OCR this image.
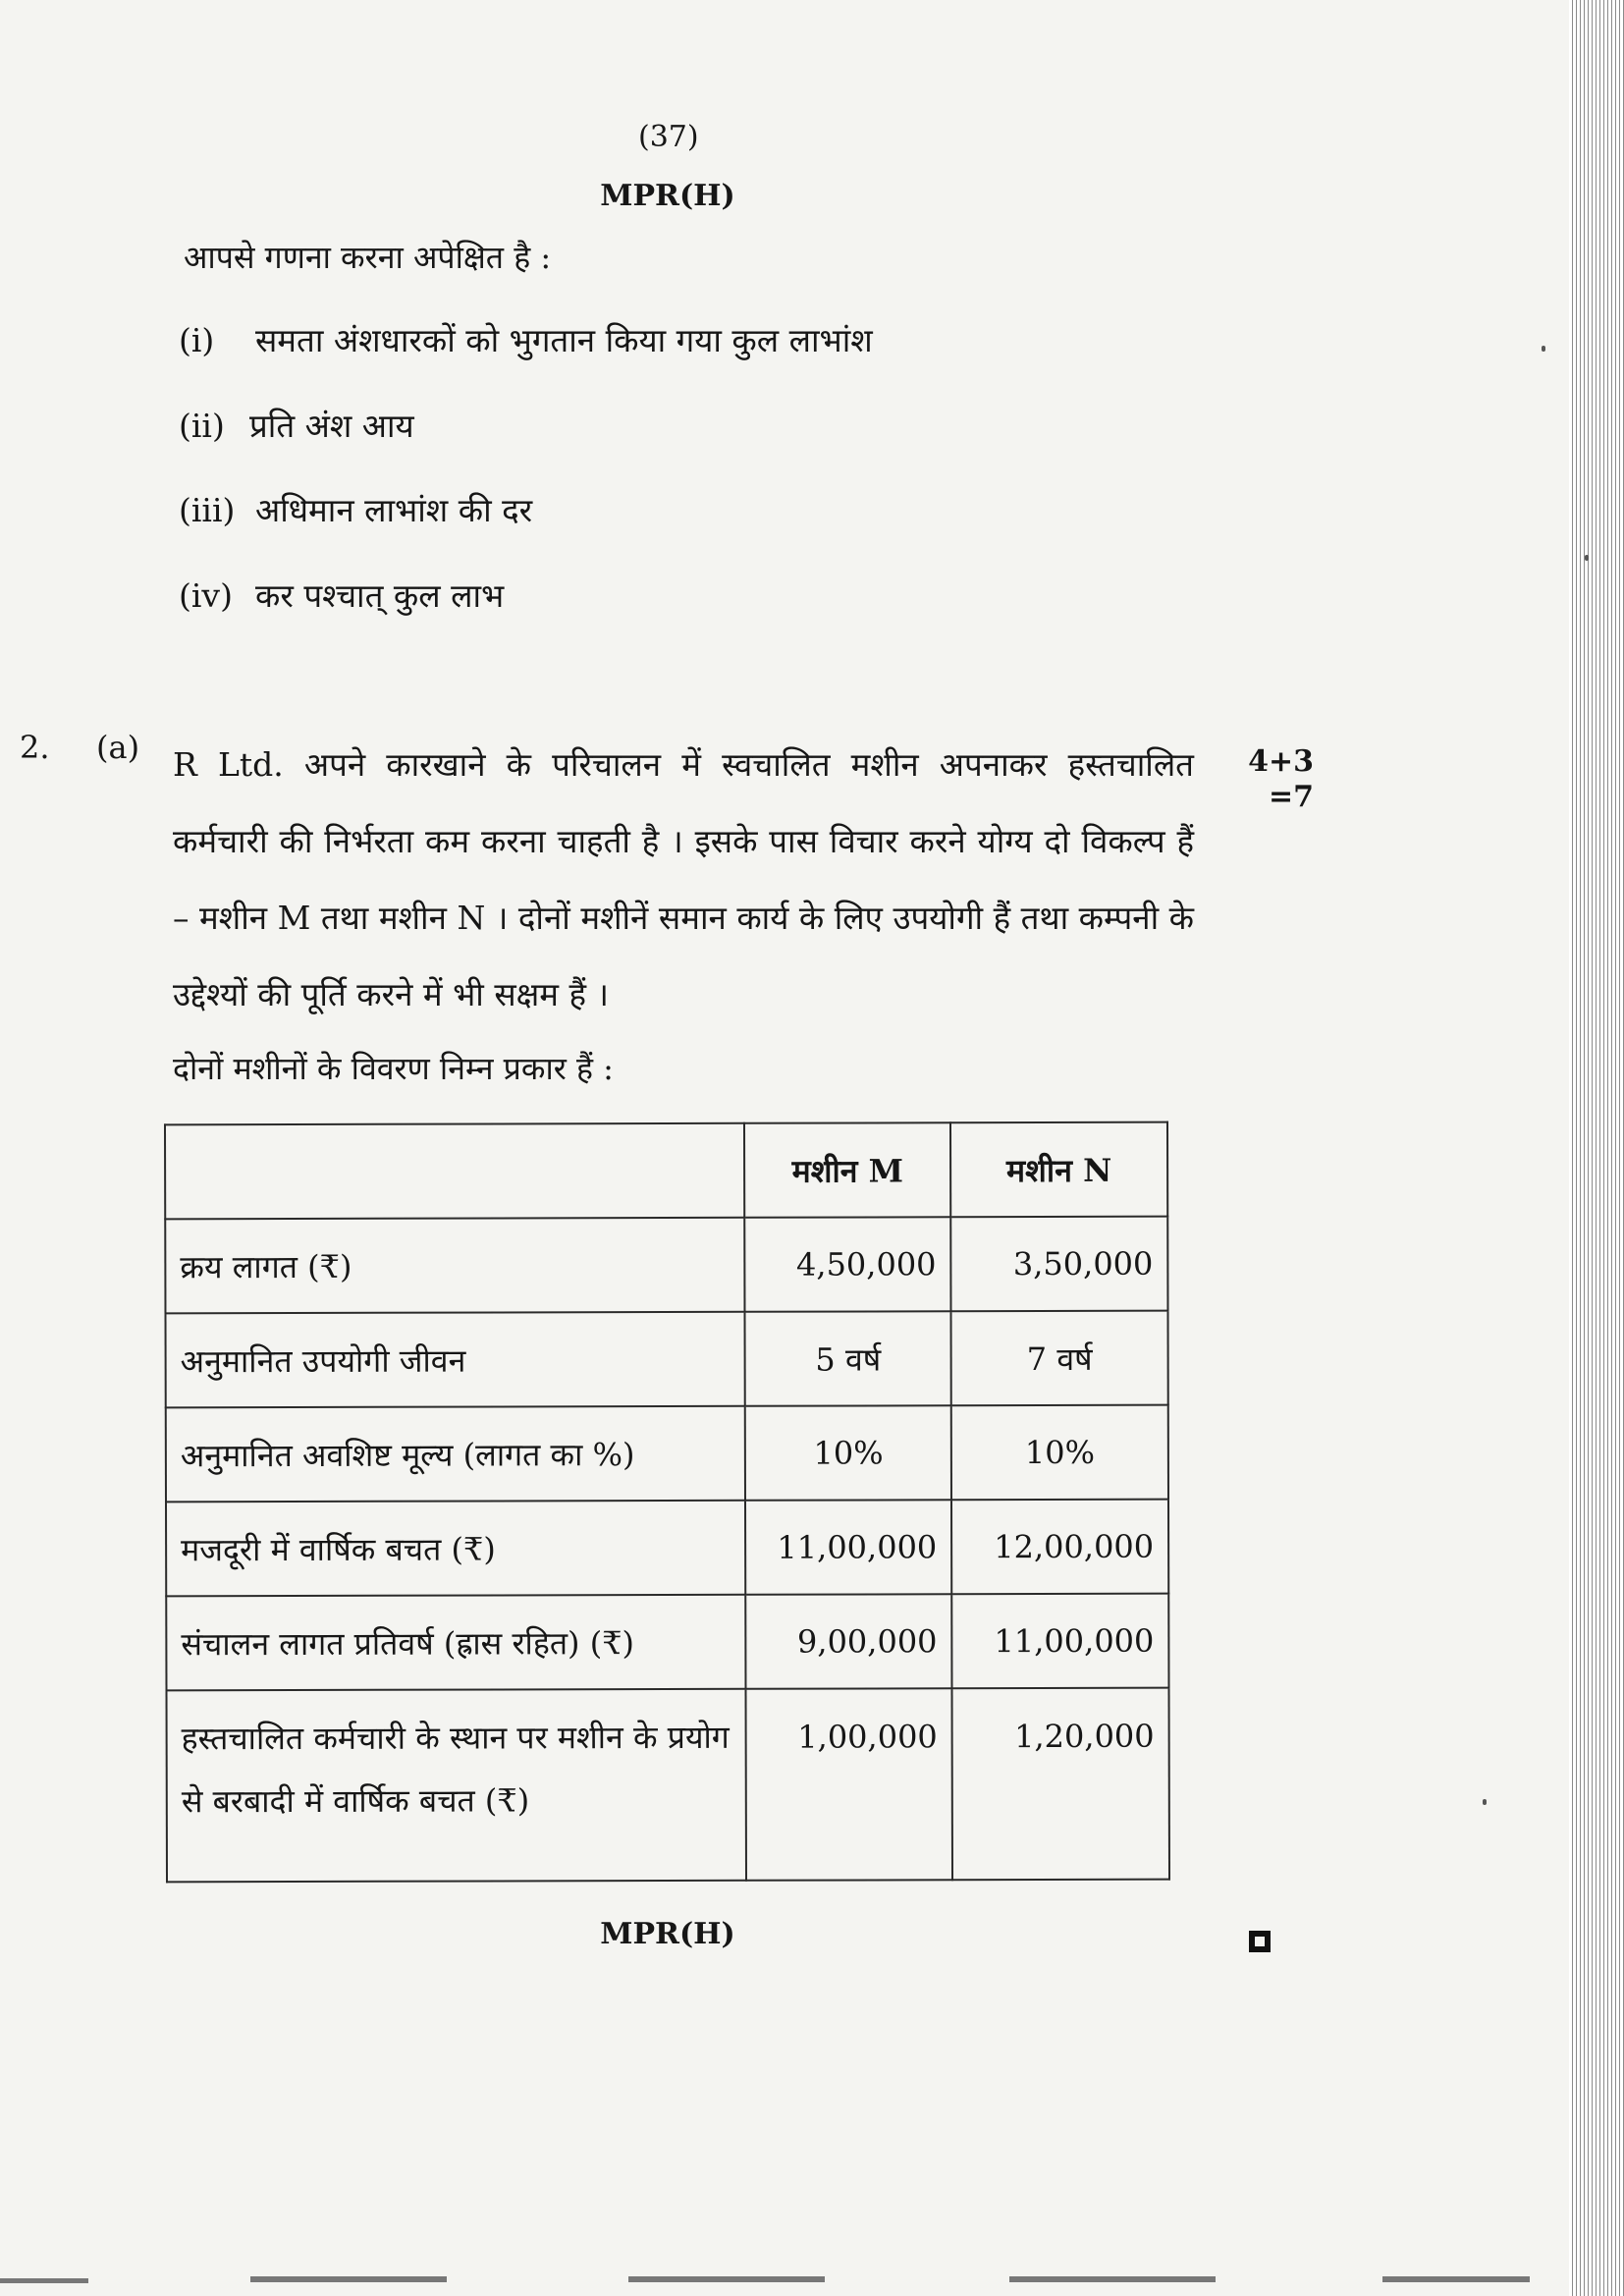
(37)
MPR(H)
आपसे गणना करना अपेक्षित है :
(i) समता अंशधारकों को भुगतान किया गया कुल लाभांश
(ii) प्रति अंश आय
(iii) अधिमान लाभांश की दर
(iv) कर पश्चात् कुल लाभ
2. (a)	4+3
=7

R Ltd. अपने कारखाने के परिचालन में स्वचालित मशीन अपनाकर हस्तचालित कर्मचारी की निर्भरता कम करना चाहती है । इसके पास विचार करने योग्य दो विकल्प हैं – मशीन M तथा मशीन N । दोनों मशीनें समान कार्य के लिए उपयोगी हैं तथा कम्पनी के उद्देश्यों की पूर्ति करने में भी सक्षम हैं ।

दोनों मशीनों के विवरण निम्न प्रकार हैं :
	मशीन M	मशीन N
क्रय लागत (₹)	4,50,000	3,50,000
अनुमानित उपयोगी जीवन	5 वर्ष	7 वर्ष
अनुमानित अवशिष्ट मूल्य (लागत का %)	10%	10%
मजदूरी में वार्षिक बचत (₹)	11,00,000	12,00,000
संचालन लागत प्रतिवर्ष (ह्रास रहित) (₹)	9,00,000	11,00,000
हस्तचालित कर्मचारी के स्थान पर मशीन के प्रयोग से बरबादी में वार्षिक बचत (₹)	1,00,000	1,20,000
MPR(H)
